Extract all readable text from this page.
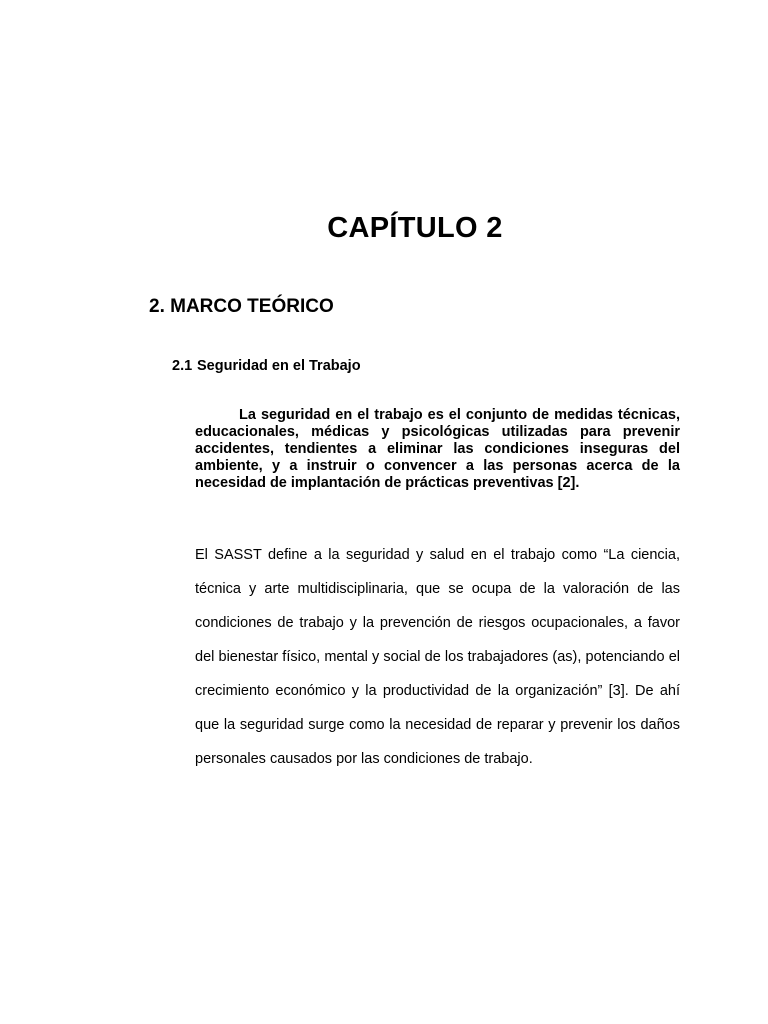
CAPÍTULO 2
2. MARCO TEÓRICO
2.1 Seguridad en el Trabajo

La seguridad en el trabajo es el conjunto de medidas técnicas, educacionales, médicas y psicológicas utilizadas para prevenir accidentes, tendientes a eliminar las condiciones inseguras del ambiente, y a instruir o convencer a las personas acerca de la necesidad de implantación de prácticas preventivas [2].

El SASST define a la seguridad y salud en el trabajo como “La ciencia, técnica y arte multidisciplinaria, que se ocupa de la valoración de las condiciones de trabajo y la prevención de riesgos ocupacionales, a favor del bienestar físico, mental y social de los trabajadores (as), potenciando el crecimiento económico y la productividad de la organización” [3]. De ahí que la seguridad surge como la necesidad de reparar y prevenir los daños personales causados por las condiciones de trabajo.
